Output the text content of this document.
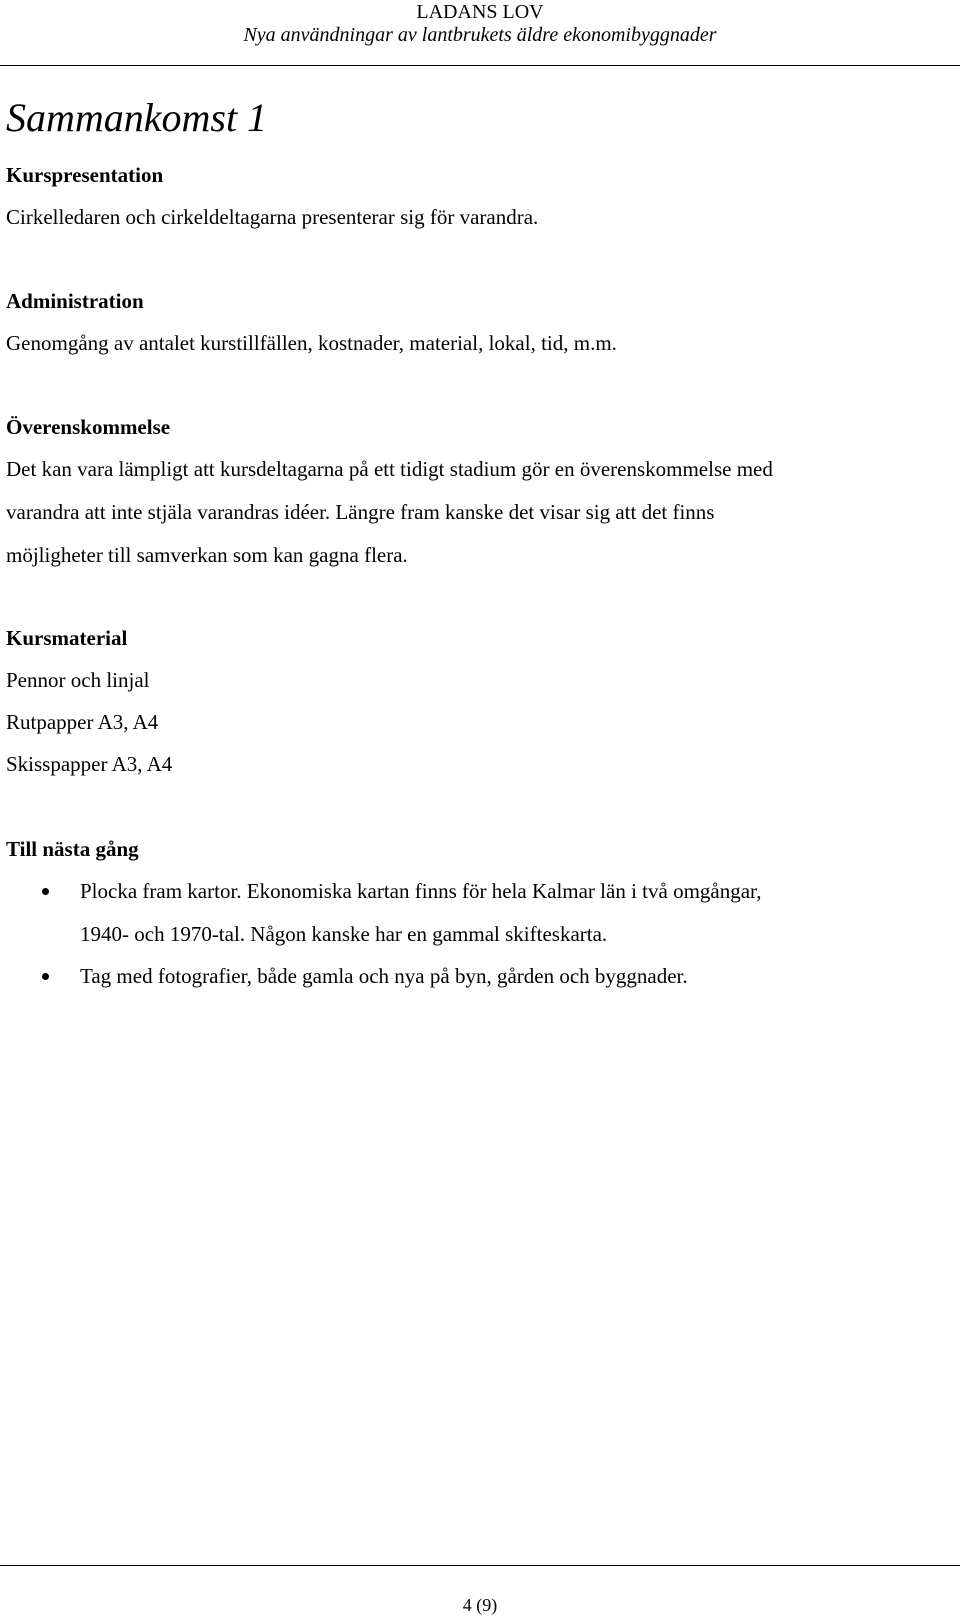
LADANS LOV
Nya användningar av lantbrukets äldre ekonomibyggnader
Sammankomst 1
Kurspresentation

Cirkelledaren och cirkeldeltagarna presenterar sig för varandra.

Administration

Genomgång av antalet kurstillfällen, kostnader, material, lokal, tid, m.m.

Överenskommelse

Det kan vara lämpligt att kursdeltagarna på ett tidigt stadium gör en överenskommelse med

varandra att inte stjäla varandras idéer. Längre fram kanske det visar sig att det finns

möjligheter till samverkan som kan gagna flera.

Kursmaterial

Pennor och linjal

Rutpapper A3, A4

Skisspapper A3, A4

Till nästa gång

Plocka fram kartor. Ekonomiska kartan finns för hela Kalmar län i två omgångar,

1940- och 1970-tal. Någon kanske har en gammal skifteskarta.

Tag med fotografier, både gamla och nya på byn, gården och byggnader.

4 (9)
